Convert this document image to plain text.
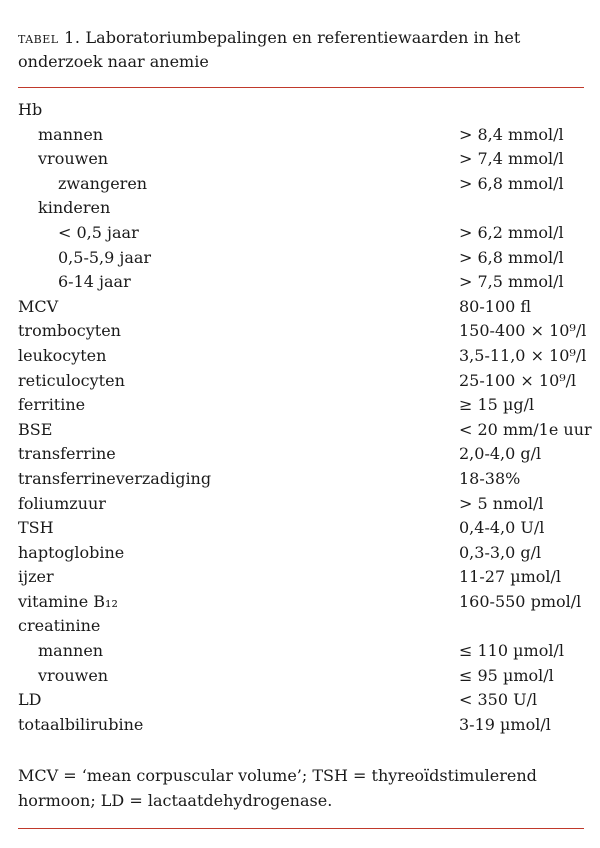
tabel 1. Laboratoriumbepalingen en referentiewaarden in het onderzoek naar anemie
Hb
mannen	> 8,4 mmol/l
vrouwen	> 7,4 mmol/l
zwangeren	> 6,8 mmol/l
kinderen
< 0,5 jaar	> 6,2 mmol/l
0,5-5,9 jaar	> 6,8 mmol/l
6-14 jaar	> 7,5 mmol/l
MCV	80-100 fl
trombocyten	150-400 × 10⁹/l
leukocyten	3,5-11,0 × 10⁹/l
reticulocyten	25-100 × 10⁹/l
ferritine	≥ 15 µg/l
BSE	< 20 mm/1e uur
transferrine	2,0-4,0 g/l
transferrineverzadiging	18-38%
foliumzuur	> 5 nmol/l
TSH	0,4-4,0 U/l
haptoglobine	0,3-3,0 g/l
ijzer	11-27 µmol/l
vitamine B₁₂	160-550 pmol/l
creatinine
mannen	≤ 110 µmol/l
vrouwen	≤ 95 µmol/l
LD	< 350 U/l
totaalbilirubine	3-19 µmol/l
MCV = ‘mean corpuscular volume’; TSH = thyreoïdstimulerend hormoon; LD = lactaatdehydrogenase.
